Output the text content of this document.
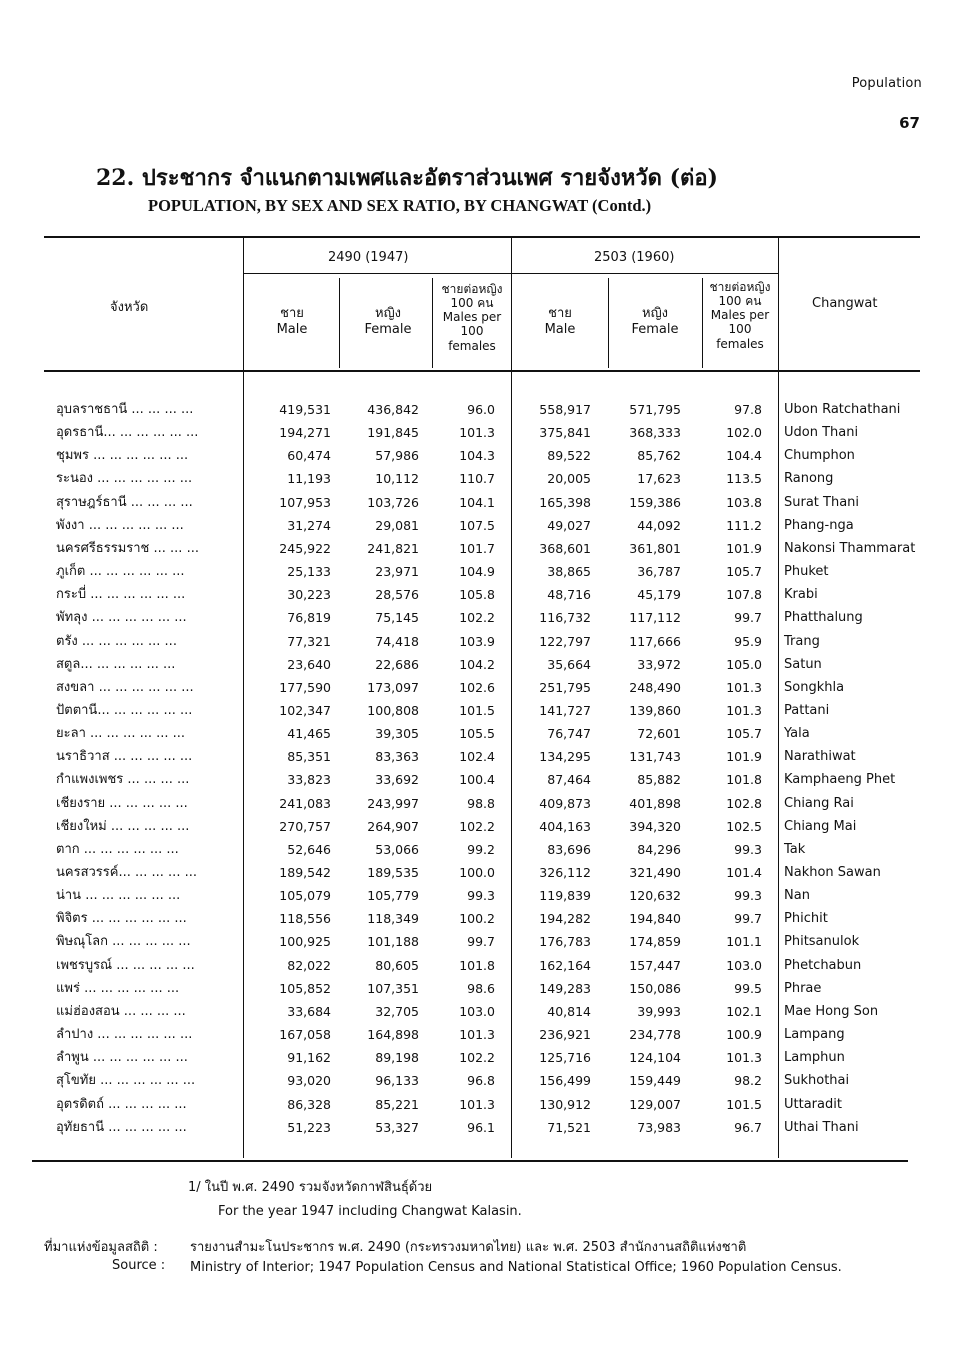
Population
67
22. ประชากร จำแนกตามเพศและอัตราส่วนเพศ รายจังหวัด (ต่อ)
POPULATION, BY SEX AND SEX RATIO, BY CHANGWAT (Contd.)
จังหวัด	Changwat
2490 (1947)	2503 (1960)
ชาย
Male
หญิง
Female
ชายต่อหญิง
100 คน
Males per
100
females
ชาย
Male
หญิง
Female
ชายต่อหญิง
100 คน
Males per
100
females
อุบลราชธานี ... ... ... ...	419,531	436,842	96.0	558,917	571,795	97.8 Ubon Ratchathani
อุดรธานี... ... ... ... ... ...	194,271	191,845	101.3	375,841	368,333	102.0 Udon Thani
ชุมพร ... ... ... ... ... ...	60,474	57,986	104.3	89,522	85,762	104.4 Chumphon
ระนอง ... ... ... ... ... ...	11,193	10,112	110.7	20,005	17,623	113.5 Ranong
สุราษฎร์ธานี ... ... ... ...	107,953	103,726	104.1	165,398	159,386	103.8 Surat Thani
พังงา ... ... ... ... ... ...	31,274	29,081	107.5	49,027	44,092	111.2 Phang-nga
นครศรีธรรมราช ... ... ...	245,922	241,821	101.7	368,601	361,801	101.9 Nakonsi Thammarat
ภูเก็ต ... ... ... ... ... ...	25,133	23,971	104.9	38,865	36,787	105.7 Phuket
กระบี่ ... ... ... ... ... ...	30,223	28,576	105.8	48,716	45,179	107.8 Krabi
พัทลุง ... ... ... ... ... ...	76,819	75,145	102.2	116,732	117,112	99.7 Phatthalung
ตรัง ... ... ... ... ... ...	77,321	74,418	103.9	122,797	117,666	95.9 Trang
สตูล... ... ... ... ... ...	23,640	22,686	104.2	35,664	33,972	105.0 Satun
สงขลา ... ... ... ... ... ...	177,590	173,097	102.6	251,795	248,490	101.3 Songkhla
ปัตตานี... ... ... ... ... ...	102,347	100,808	101.5	141,727	139,860	101.3 Pattani
ยะลา ... ... ... ... ... ...	41,465	39,305	105.5	76,747	72,601	105.7 Yala
นราธิวาส ... ... ... ... ...	85,351	83,363	102.4	134,295	131,743	101.9 Narathiwat
กำแพงเพชร ... ... ... ...	33,823	33,692	100.4	87,464	85,882	101.8 Kamphaeng Phet
เชียงราย ... ... ... ... ...	241,083	243,997	98.8	409,873	401,898	102.8 Chiang Rai
เชียงใหม่ ... ... ... ... ...	270,757	264,907	102.2	404,163	394,320	102.5 Chiang Mai
ตาก ... ... ... ... ... ...	52,646	53,066	99.2	83,696	84,296	99.3 Tak
นครสวรรค์... ... ... ... ...	189,542	189,535	100.0	326,112	321,490	101.4 Nakhon Sawan
น่าน ... ... ... ... ... ...	105,079	105,779	99.3	119,839	120,632	99.3 Nan
พิจิตร ... ... ... ... ... ...	118,556	118,349	100.2	194,282	194,840	99.7 Phichit
พิษณุโลก ... ... ... ... ...	100,925	101,188	99.7	176,783	174,859	101.1 Phitsanulok
เพชรบูรณ์ ... ... ... ... ...	82,022	80,605	101.8	162,164	157,447	103.0 Phetchabun
แพร่ ... ... ... ... ... ...	105,852	107,351	98.6	149,283	150,086	99.5 Phrae
แม่ฮ่องสอน ... ... ... ...	33,684	32,705	103.0	40,814	39,993	102.1 Mae Hong Son
ลำปาง ... ... ... ... ... ...	167,058	164,898	101.3	236,921	234,778	100.9 Lampang
ลำพูน ... ... ... ... ... ...	91,162	89,198	102.2	125,716	124,104	101.3 Lamphun
สุโขทัย ... ... ... ... ... ...	93,020	96,133	96.8	156,499	159,449	98.2 Sukhothai
อุตรดิตถ์ ... ... ... ... ...	86,328	85,221	101.3	130,912	129,007	101.5 Uttaradit
อุทัยธานี ... ... ... ... ...	51,223	53,327	96.1	71,521	73,983	96.7 Uthai Thani
1/ ในปี พ.ศ. 2490 รวมจังหวัดกาฬสินธุ์ด้วย
For the year 1947 including Changwat Kalasin.
ที่มาแห่งข้อมูลสถิติ : รายงานสำมะโนประชากร พ.ศ. 2490 (กระทรวงมหาดไทย) และ พ.ศ. 2503 สำนักงานสถิติแห่งชาติ
Source : Ministry of Interior; 1947 Population Census and National Statistical Office; 1960 Population Census.
